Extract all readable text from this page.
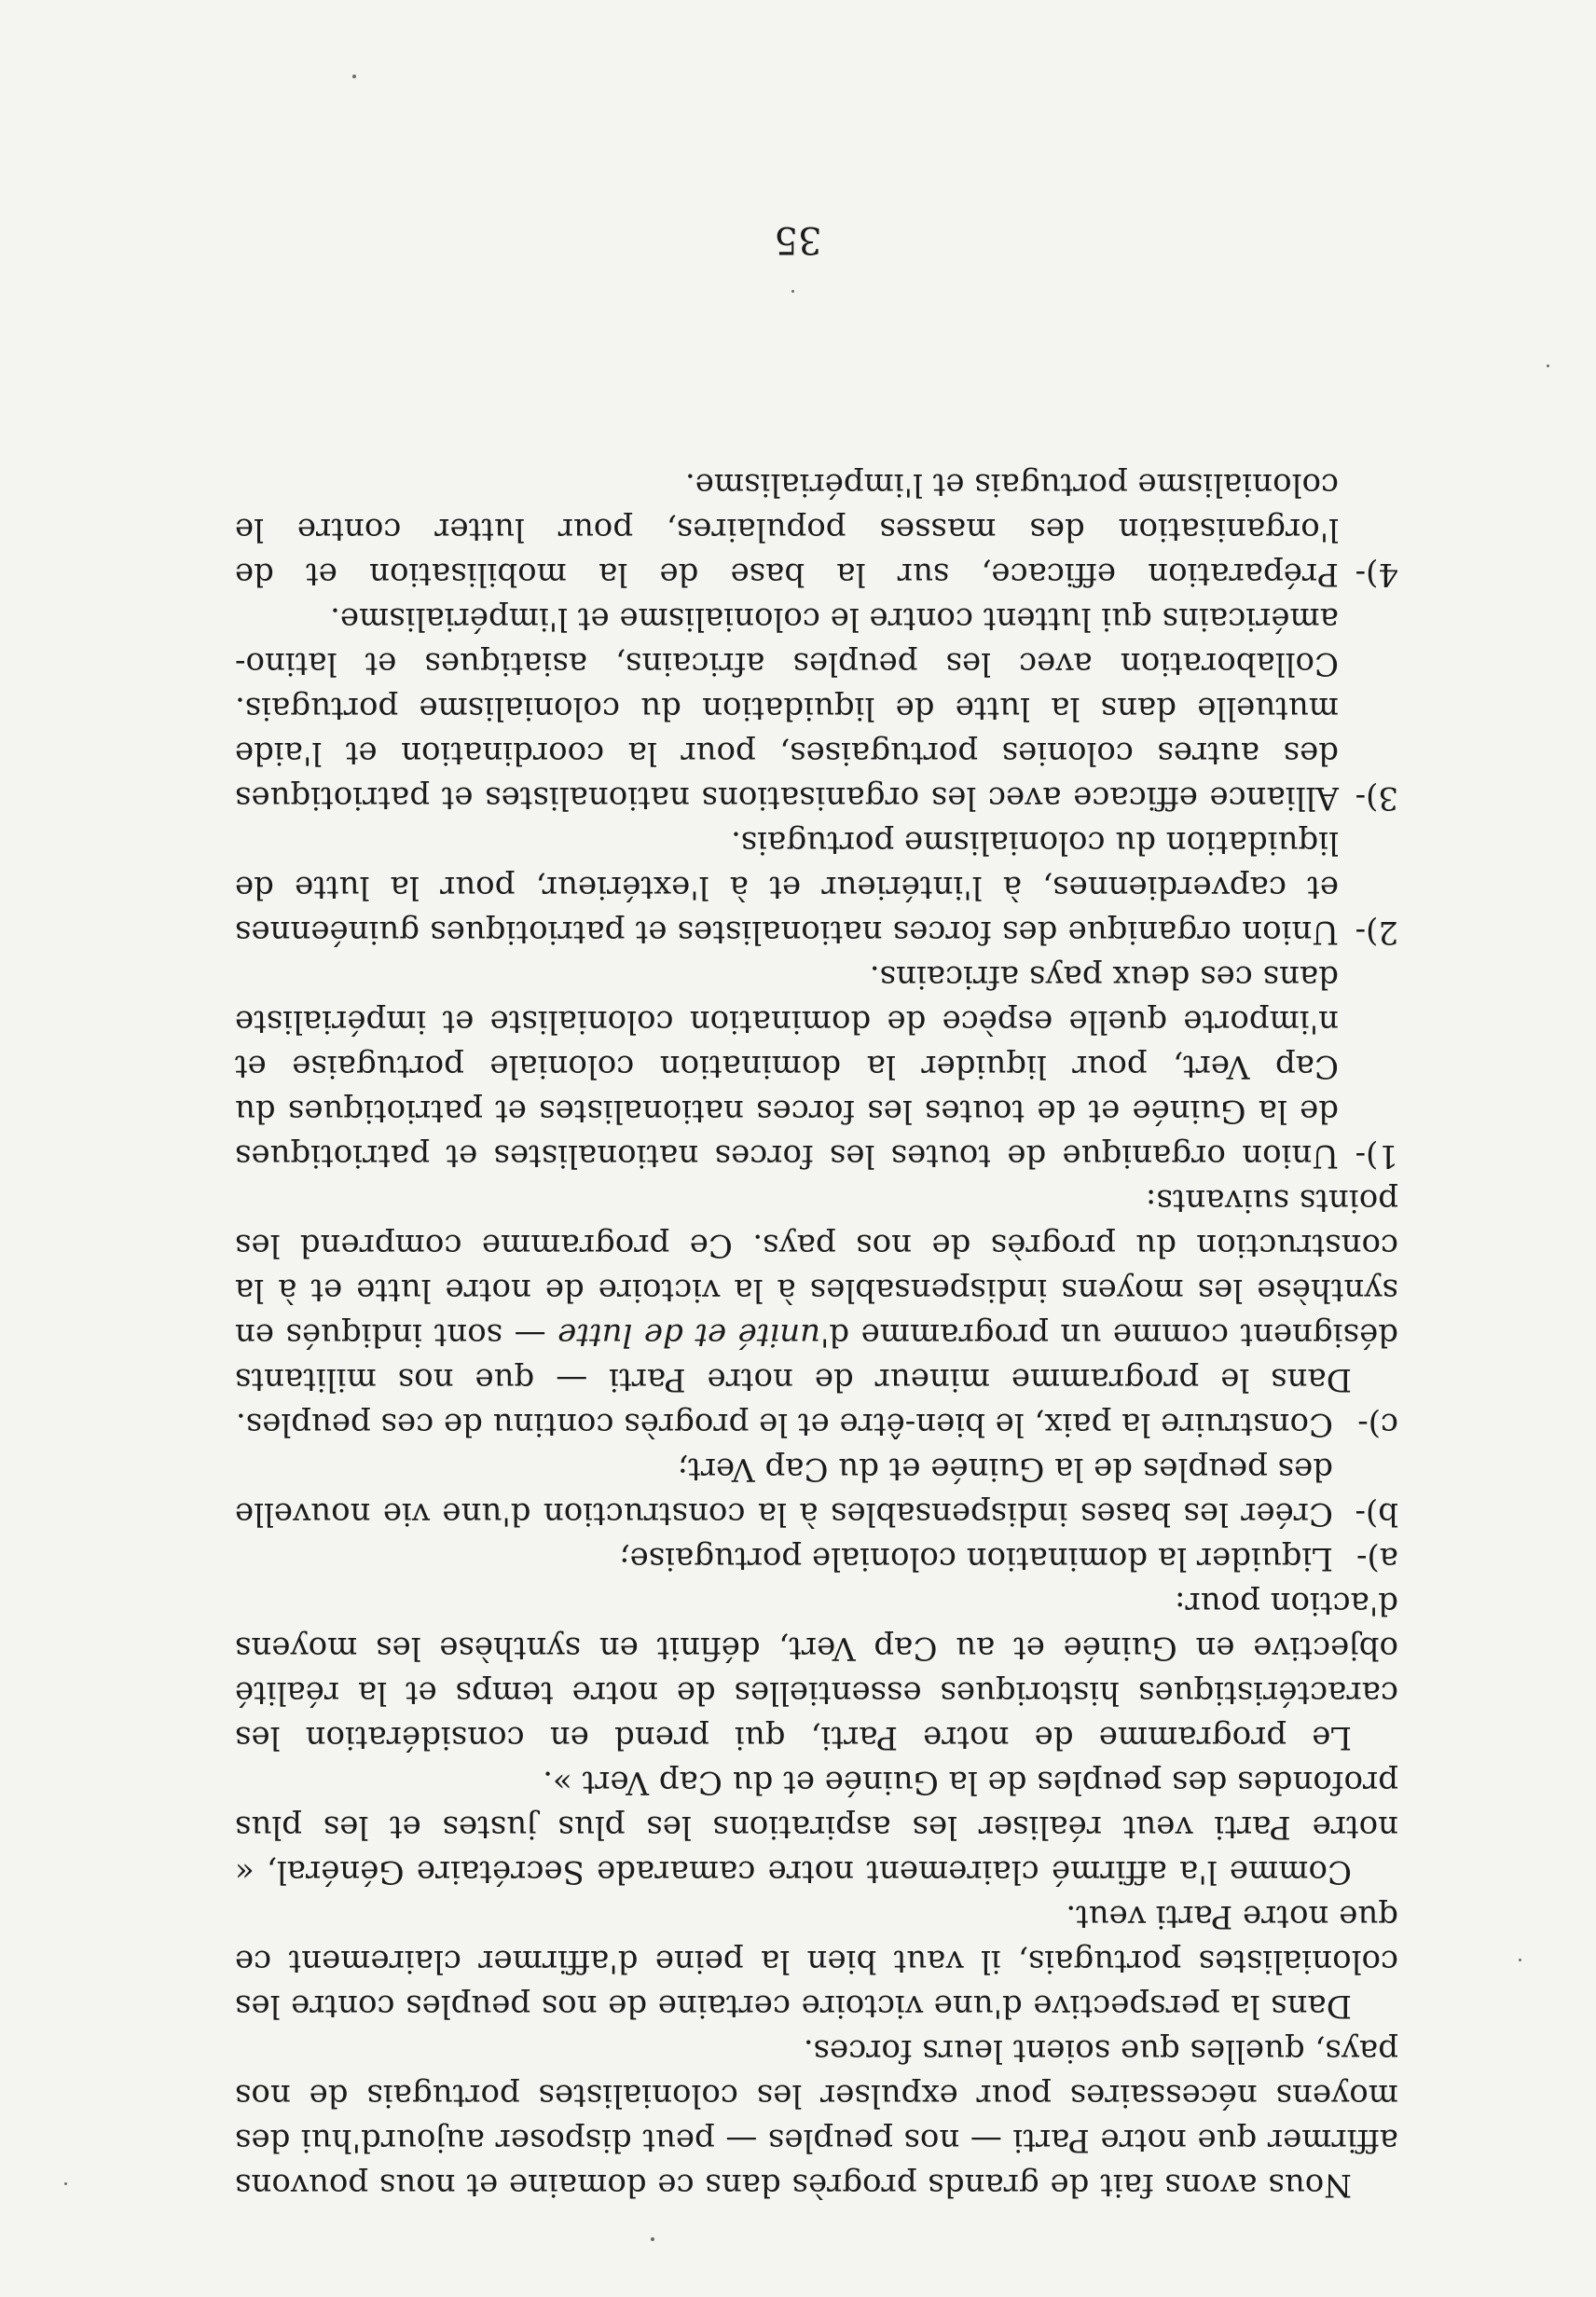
Nous avons fait de grands progrès dans ce domaine et nous pouvons affirmer que notre Parti — nos peuples — peut disposer aujourd'hui des moyens nécessaires pour expulser les colonialistes portugais de nos pays, quelles que soient leurs forces.

Dans la perspective d'une victoire certaine de nos peuples contre les colonialistes portugais, il vaut bien la peine d'affirmer clairement ce que notre Parti veut.

Comme l'a affirmé clairement notre camarade Secrétaire Général, « notre Parti veut réaliser les aspirations les plus justes et les plus profondes des peuples de la Guinée et du Cap Vert ».

Le programme de notre Parti, qui prend en considération les caractéristiques historiques essentielles de notre temps et la réalité objective en Guinée et au Cap Vert, définit en synthèse les moyens d'action pour:

a)-
Liquider la domination coloniale portugaise;
b)-
Créer les bases indispensables à la construction d'une vie nouvelle des peuples de la Guinée et du Cap Vert;
c)-
Construire la paix, le bien-être et le progrès continu de ces peuples.

Dans le programme mineur de notre Parti — que nos militants désignent comme un programme d'unité et de lutte — sont indiqués en synthèse les moyens indispensables à la victoire de notre lutte et à la construction du progrès de nos pays. Ce programme comprend les points suivants:

1)-
Union organique de toutes les forces nationalistes et patriotiques de la Guinée et de toutes les forces nationalistes et patriotiques du Cap Vert, pour liquider la domination coloniale portugaise et n'importe quelle espèce de domination colonialiste et impérialiste dans ces deux pays africains.
2)-
Union organique des forces nationalistes et patriotiques guinéennes et capverdiennes, à l'intérieur et à l'extérieur, pour la lutte de liquidation du colonialisme portugais.
3)-
Alliance efficace avec les organisations nationalistes et patriotiques des autres colonies portugaises, pour la coordination et l'aide mutuelle dans la lutte de liquidation du colonialisme portugais. Collaboration avec les peuples africains, asiatiques et latino-américains qui luttent contre le colonialisme et l'impérialisme.
4)-
Préparation efficace, sur la base de la mobilisation et de l'organisation des masses populaires, pour lutter contre le colonialisme portugais et l'impérialisme.
35
